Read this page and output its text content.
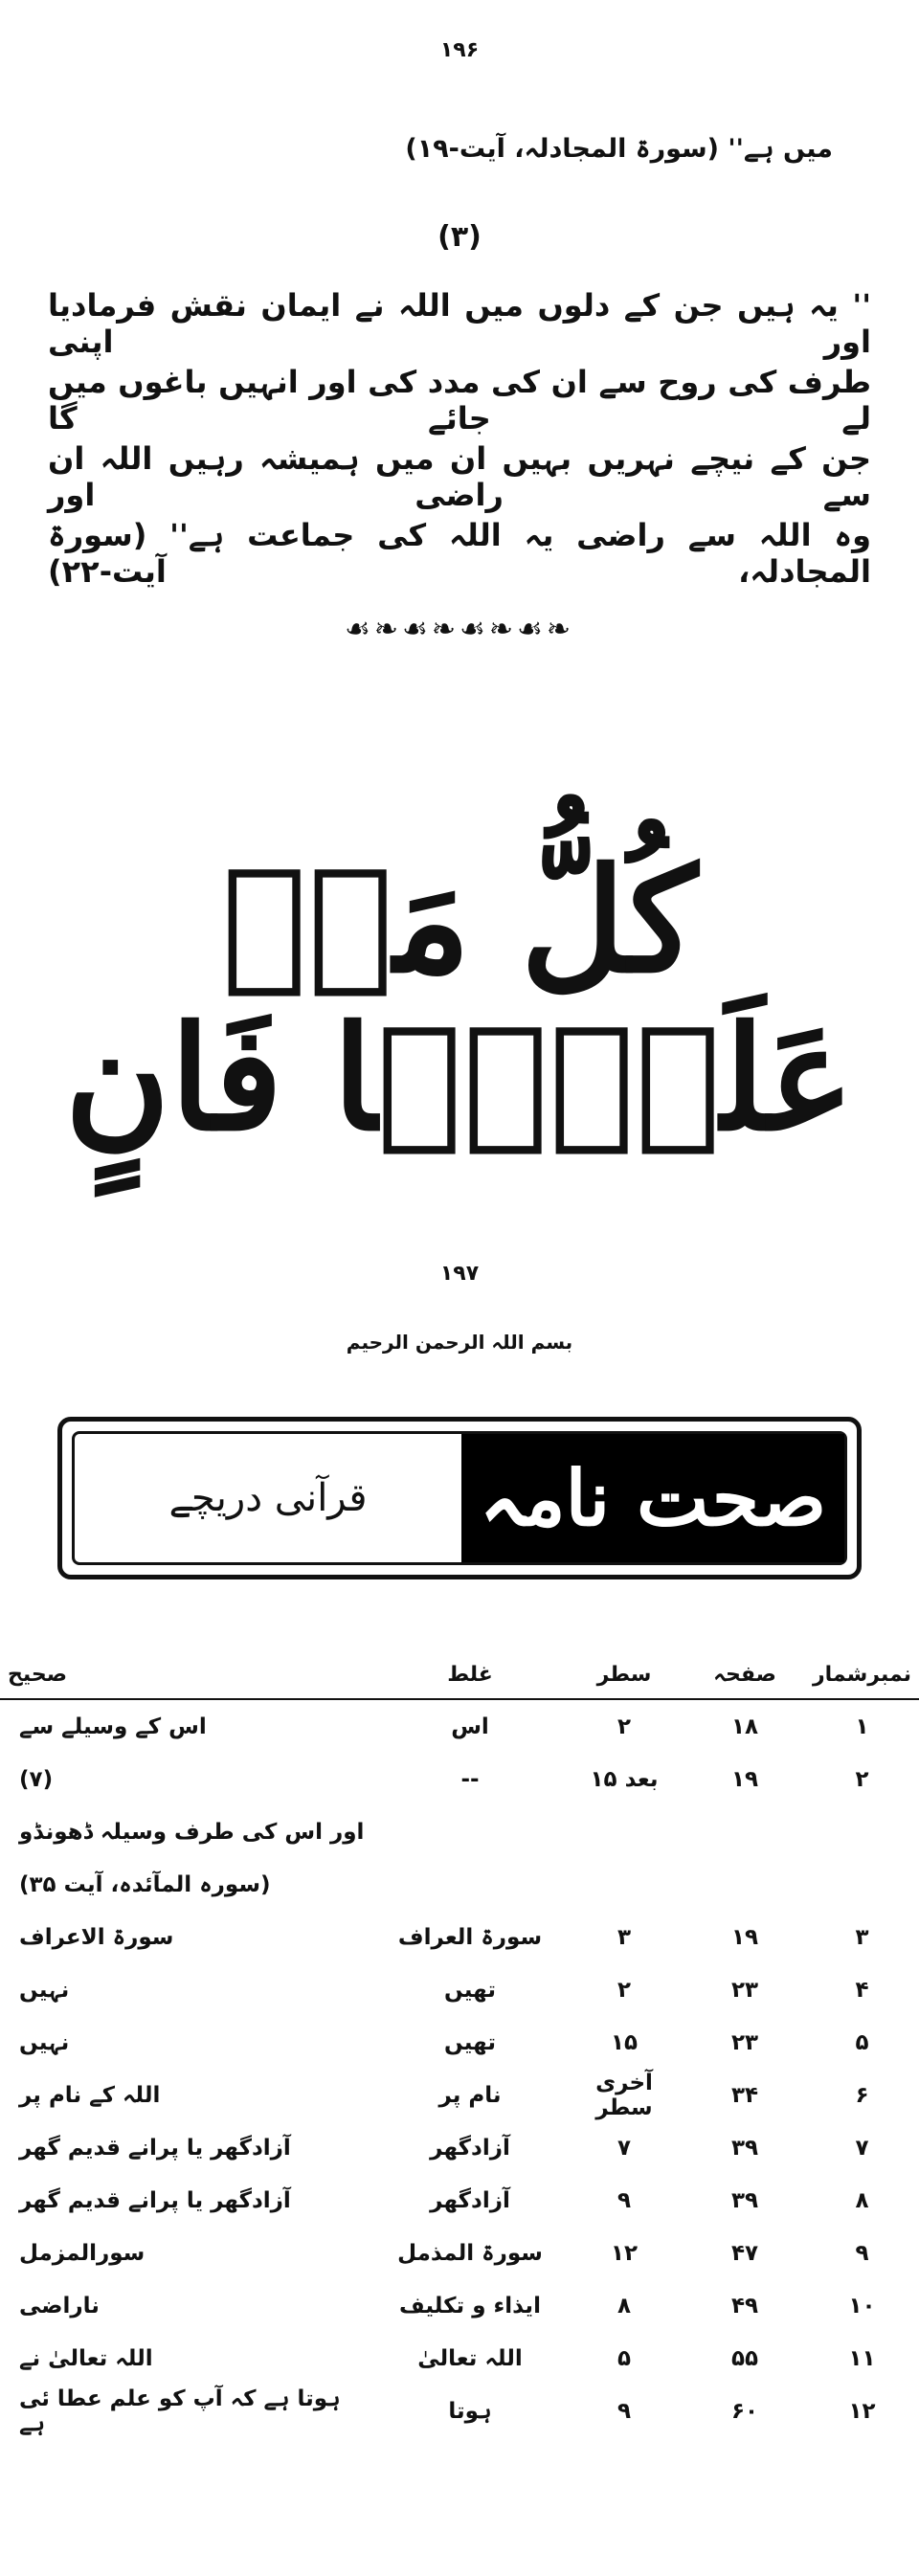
۱۹۶
میں ہے'' (سورۃ المجادلہ، آیت-۱۹)
(۳)
'' یہ ہیں جن کے دلوں میں اللہ نے ایمان نقش فرمادیا اور اپنی
طرف کی روح سے ان کی مدد کی اور انہیں باغوں میں لے جائے گا
جن کے نیچے نہریں بہیں ان میں ہمیشہ رہیں اللہ ان سے راضی اور
وہ اللہ سے راضی یہ اللہ کی جماعت ہے'' (سورۃ المجادلہ، آیت-۲۲)
☙❧☙❧☙❧☙❧
کُلُّ مَنۡ عَلَیۡہَا فَانٍ
۱۹۷
بسم اللہ الرحمن الرحیم
قرآنی دریچے صحت نامہ
نمبرشمار	صفحہ	سطر	غلط	صحیح
۱	۱۸	۲	اس	اس کے وسیلے سے
۲	۱۹	بعد ۱۵	--	(۷)
				اور اس کی طرف وسیلہ ڈھونڈو
				(سورہ المآئدہ، آیت ۳۵)
۳	۱۹	۳	سورۃ العراف	سورۃ الاعراف
۴	۲۳	۲	تھیں	نہیں
۵	۲۳	۱۵	تھیں	نہیں
۶	۳۴	آخری سطر	نام پر	اللہ کے نام پر
۷	۳۹	۷	آزادگھر	آزادگھر یا پرانے قدیم گھر
۸	۳۹	۹	آزادگھر	آزادگھر یا پرانے قدیم گھر
۹	۴۷	۱۲	سورۃ المذمل	سورالمزمل
۱۰	۴۹	۸	ایذاء و تکلیف	ناراضی
۱۱	۵۵	۵	اللہ تعالیٰ	اللہ تعالیٰ نے
۱۲	۶۰	۹	ہوتا	ہوتا ہے کہ آپ کو علم عطا ئی ہے
